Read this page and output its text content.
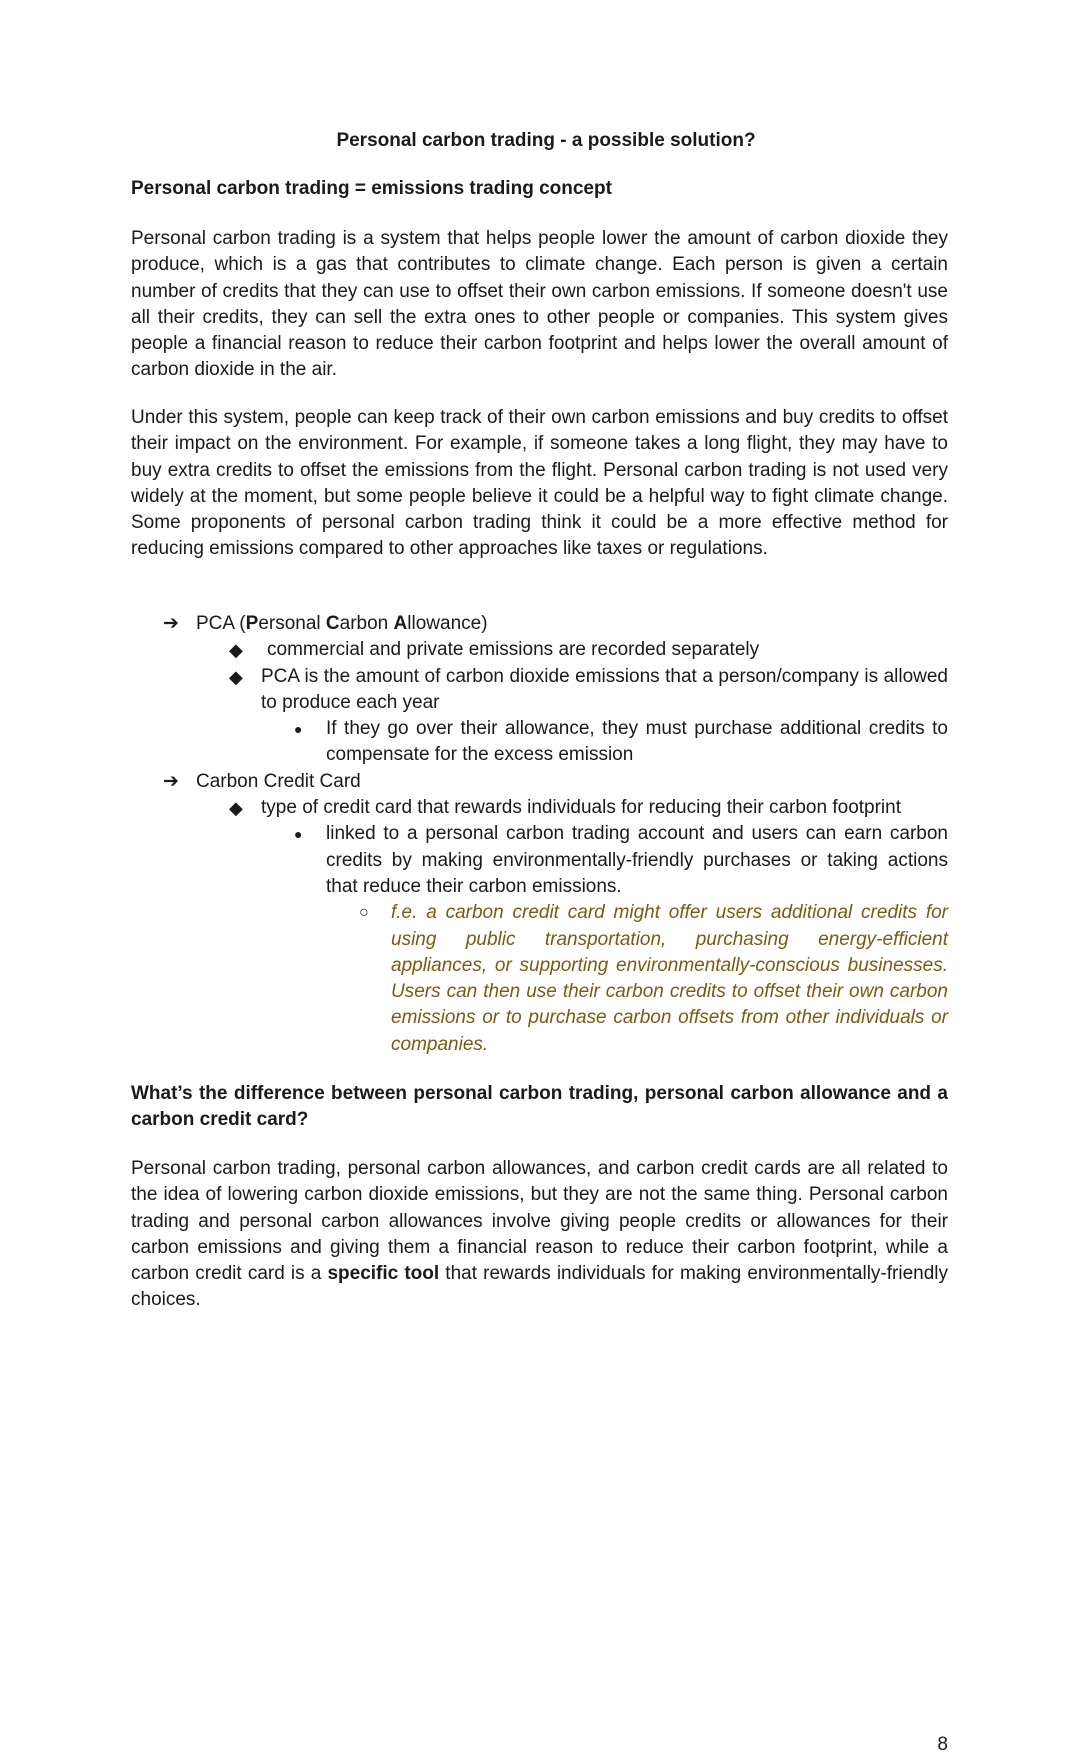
Personal carbon trading - a possible solution?
Personal carbon trading = emissions trading concept

Personal carbon trading is a system that helps people lower the amount of carbon dioxide they produce, which is a gas that contributes to climate change. Each person is given a certain number of credits that they can use to offset their own carbon emissions. If someone doesn't use all their credits, they can sell the extra ones to other people or companies. This system gives people a financial reason to reduce their carbon footprint and helps lower the overall amount of carbon dioxide in the air.

Under this system, people can keep track of their own carbon emissions and buy credits to offset their impact on the environment. For example, if someone takes a long flight, they may have to buy extra credits to offset the emissions from the flight. Personal carbon trading is not used very widely at the moment, but some people believe it could be a helpful way to fight climate change. Some proponents of personal carbon trading think it could be a more effective method for reducing emissions compared to other approaches like taxes or regulations.

➔ PCA (Personal Carbon Allowance)
◆ commercial and private emissions are recorded separately
◆ PCA is the amount of carbon dioxide emissions that a person/company is allowed to produce each year
● If they go over their allowance, they must purchase additional credits to compensate for the excess emission
➔ Carbon Credit Card
◆ type of credit card that rewards individuals for reducing their carbon footprint
● linked to a personal carbon trading account and users can earn carbon credits by making environmentally-friendly purchases or taking actions that reduce their carbon emissions.
○ f.e. a carbon credit card might offer users additional credits for using public transportation, purchasing energy-efficient appliances, or supporting environmentally-conscious businesses. Users can then use their carbon credits to offset their own carbon emissions or to purchase carbon offsets from other individuals or companies.
What’s the difference between personal carbon trading, personal carbon allowance and a carbon credit card?

Personal carbon trading, personal carbon allowances, and carbon credit cards are all related to the idea of lowering carbon dioxide emissions, but they are not the same thing. Personal carbon trading and personal carbon allowances involve giving people credits or allowances for their carbon emissions and giving them a financial reason to reduce their carbon footprint, while a carbon credit card is a specific tool that rewards individuals for making environmentally-friendly choices.

8
